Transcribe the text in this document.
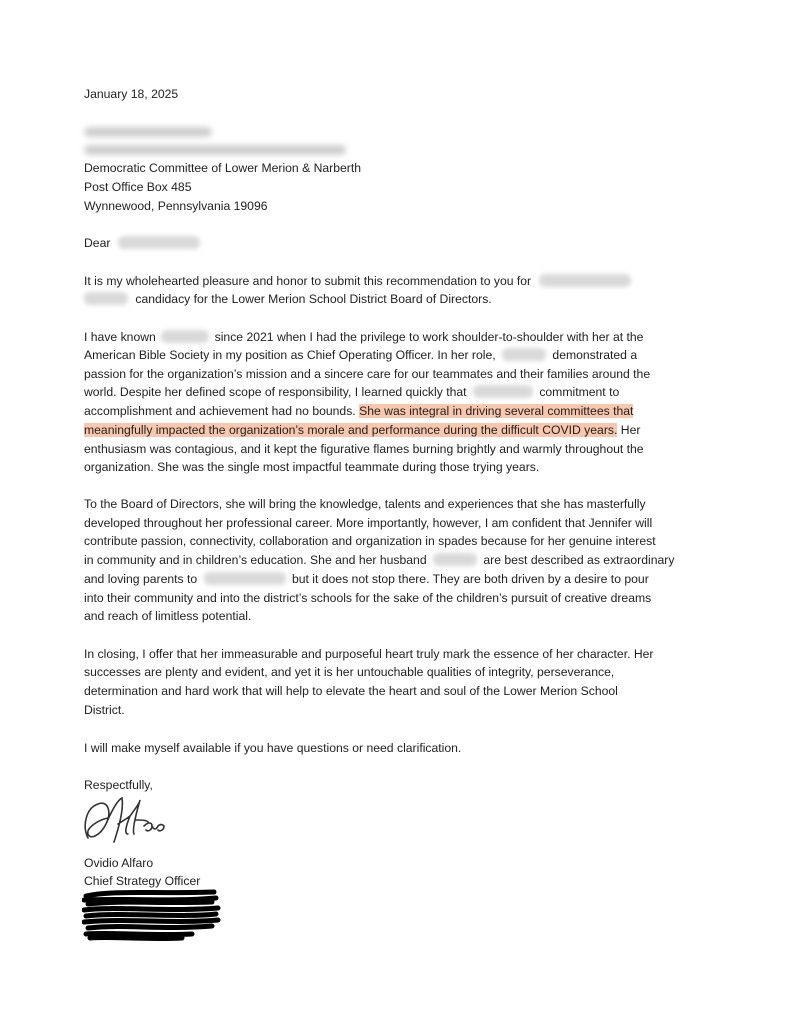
January 18, 2025
Democratic Committee of Lower Merion & Narberth
Post Office Box 485
Wynnewood, Pennsylvania 19096
Dear
It is my wholehearted pleasure and honor to submit this recommendation to you for
candidacy for the Lower Merion School District Board of Directors.
I have known	since 2021 when I had the privilege to work shoulder-to-shoulder with her at the
American Bible Society in my position as Chief Operating Officer. In her role,	demonstrated a
passion for the organization’s mission and a sincere care for our teammates and their families around the
world. Despite her defined scope of responsibility, I learned quickly that	commitment to
accomplishment and achievement had no bounds. She was integral in driving several committees that
meaningfully impacted the organization’s morale and performance during the difficult COVID years. Her
enthusiasm was contagious, and it kept the figurative flames burning brightly and warmly throughout the
organization. She was the single most impactful teammate during those trying years.
To the Board of Directors, she will bring the knowledge, talents and experiences that she has masterfully
developed throughout her professional career. More importantly, however, I am confident that Jennifer will
contribute passion, connectivity, collaboration and organization in spades because for her genuine interest
in community and in children’s education. She and her husband	are best described as extraordinary
and loving parents to	but it does not stop there. They are both driven by a desire to pour
into their community and into the district’s schools for the sake of the children’s pursuit of creative dreams
and reach of limitless potential.
In closing, I offer that her immeasurable and purposeful heart truly mark the essence of her character. Her
successes are plenty and evident, and yet it is her untouchable qualities of integrity, perseverance,
determination and hard work that will help to elevate the heart and soul of the Lower Merion School
District.
I will make myself available if you have questions or need clarification.
Respectfully,
Ovidio Alfaro
Chief Strategy Officer
